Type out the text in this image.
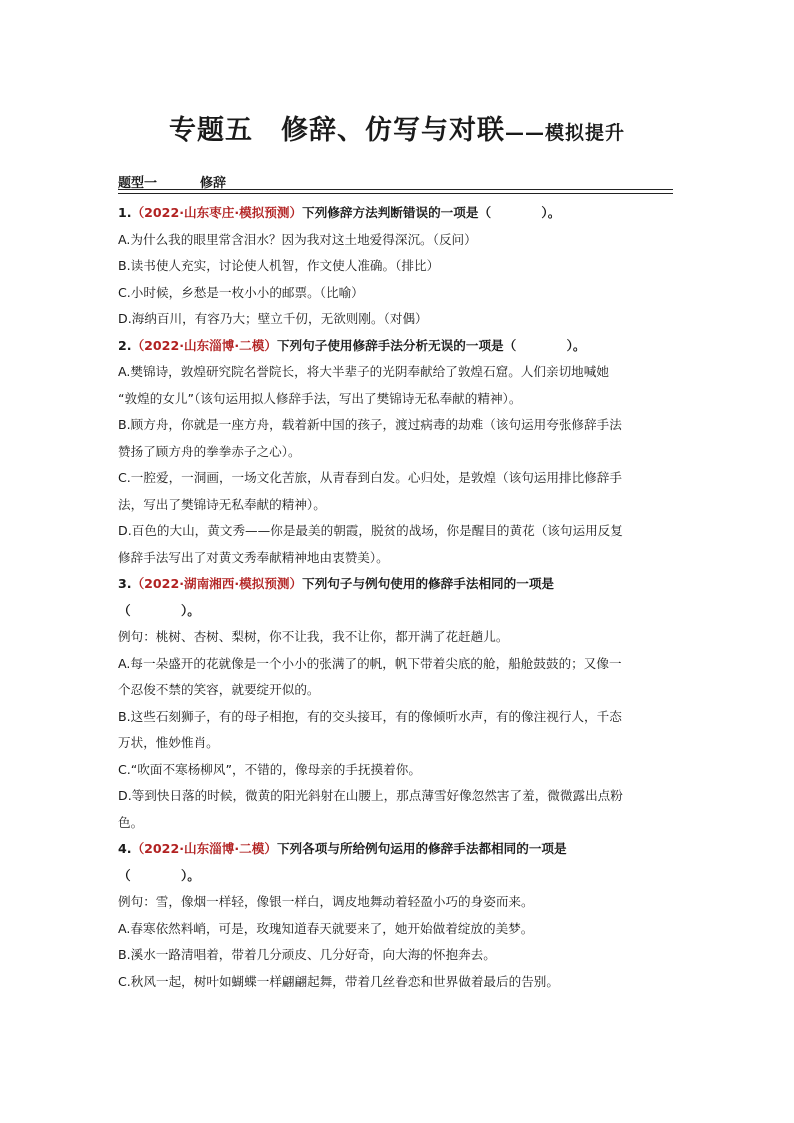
专题五　修辞、仿写与对联——模拟提升
题型一	修辞
1.（2022·山东枣庄·模拟预测）下列修辞方法判断错误的一项是（　　　　）。
A.为什么我的眼里常含泪水？因为我对这土地爱得深沉。（反问）
B.读书使人充实，讨论使人机智，作文使人准确。（排比）
C.小时候，乡愁是一枚小小的邮票。（比喻）
D.海纳百川，有容乃大；壁立千仞，无欲则刚。（对偶）
2.（2022·山东淄博·二模）下列句子使用修辞手法分析无误的一项是（　　　　）。
A.樊锦诗，敦煌研究院名誉院长，将大半辈子的光阴奉献给了敦煌石窟。人们亲切地喊她
“敦煌的女儿”（该句运用拟人修辞手法，写出了樊锦诗无私奉献的精神）。
B.顾方舟，你就是一座方舟，载着新中国的孩子，渡过病毒的劫难（该句运用夸张修辞手法
赞扬了顾方舟的拳拳赤子之心）。
C.一腔爱，一洞画，一场文化苦旅，从青春到白发。心归处，是敦煌（该句运用排比修辞手
法，写出了樊锦诗无私奉献的精神）。
D.百色的大山，黄文秀——你是最美的朝霞，脱贫的战场，你是醒目的黄花（该句运用反复
修辞手法写出了对黄文秀奉献精神地由衷赞美）。
3.（2022·湖南湘西·模拟预测）下列句子与例句使用的修辞手法相同的一项是
（　　　　）。
例句：桃树、杏树、梨树，你不让我，我不让你，都开满了花赶趟儿。
A.每一朵盛开的花就像是一个小小的张满了的帆，帆下带着尖底的舱，船舱鼓鼓的；又像一
个忍俊不禁的笑容，就要绽开似的。
B.这些石刻狮子，有的母子相抱，有的交头接耳，有的像倾听水声，有的像注视行人，千态
万状，惟妙惟肖。
C.“吹面不寒杨柳风”，不错的，像母亲的手抚摸着你。
D.等到快日落的时候，微黄的阳光斜射在山腰上，那点薄雪好像忽然害了羞，微微露出点粉
色。
4.（2022·山东淄博·二模）下列各项与所给例句运用的修辞手法都相同的一项是
（　　　　）。
例句：雪，像烟一样轻，像银一样白，调皮地舞动着轻盈小巧的身姿而来。
A.春寒依然料峭，可是，玫瑰知道春天就要来了，她开始做着绽放的美梦。
B.溪水一路清唱着，带着几分顽皮、几分好奇，向大海的怀抱奔去。
C.秋风一起，树叶如蝴蝶一样翩翩起舞，带着几丝眷恋和世界做着最后的告别。
